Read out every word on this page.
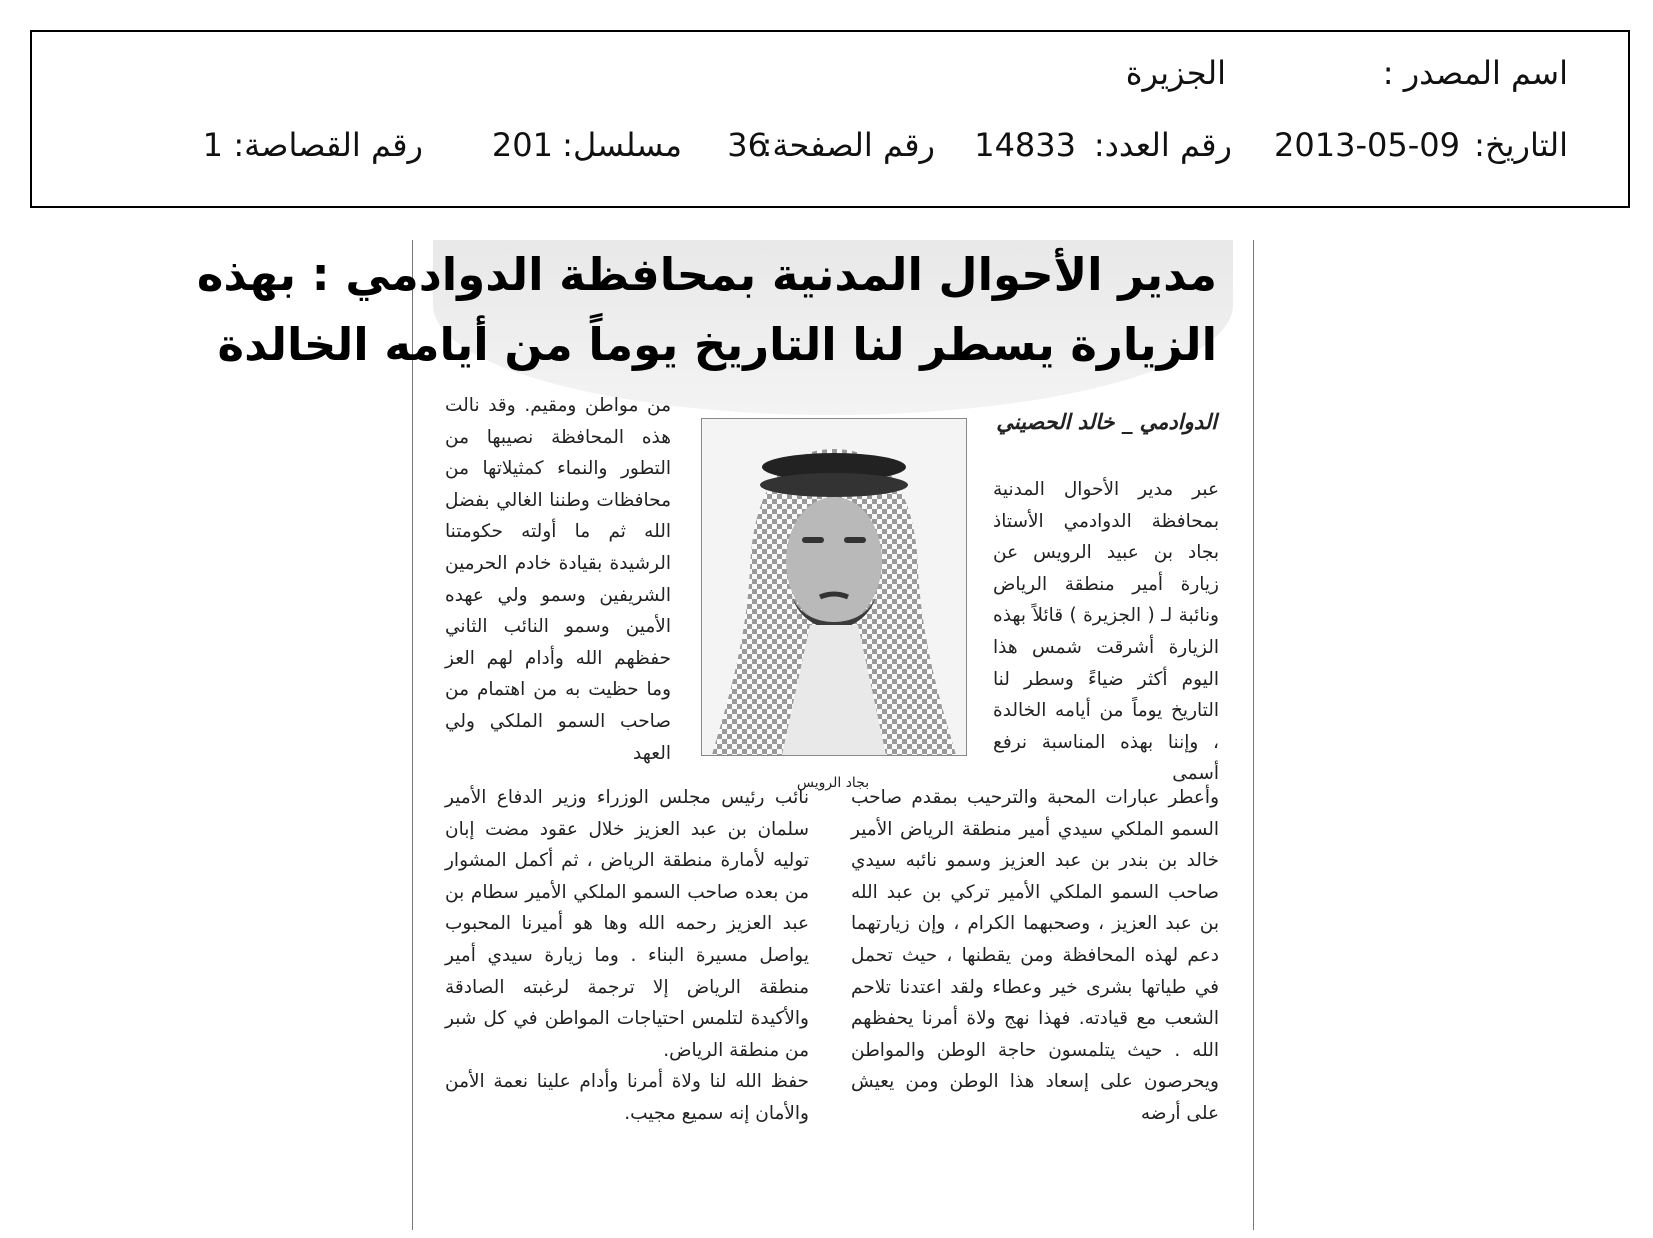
اسم المصدر :
الجزيرة
التاريخ:
2013-05-09
رقم العدد:
14833
رقم الصفحة:
36
مسلسل:
201
رقم القصاصة:
1
مدير الأحوال المدنية بمحافظة الدوادمي : بهذه
الزيارة يسطر لنا التاريخ يوماً من أيامه الخالدة
الدوادمي _ خالد الحصيني

عبر مدير الأحوال المدنية بمحافظة الدوادمي الأستاذ بجاد بن عبيد الرويس عن زيارة أمير منطقة الرياض ونائبة لـ ( الجزيرة ) قائلاً بهذه الزيارة أشرقت شمس هذا اليوم أكثر ضياءً وسطر لنا التاريخ يوماً من أيامه الخالدة ، وإننا بهذه المناسبة نرفع أسمى

بجاد الرويس

من مواطن ومقيم. وقد نالت هذه المحافظة نصيبها من التطور والنماء كمثيلاتها من محافظات وطننا الغالي بفضل الله ثم ما أولته حكومتنا الرشيدة بقيادة خادم الحرمين الشريفين وسمو ولي عهده الأمين وسمو النائب الثاني حفظهم الله وأدام لهم العز وما حظيت به من اهتمام من صاحب السمو الملكي ولي العهد

وأعطر عبارات المحبة والترحيب بمقدم صاحب السمو الملكي سيدي أمير منطقة الرياض الأمير خالد بن بندر بن عبد العزيز وسمو نائبه سيدي صاحب السمو الملكي الأمير تركي بن عبد الله بن عبد العزيز ، وصحبهما الكرام ، وإن زيارتهما دعم لهذه المحافظة ومن يقطنها ، حيث تحمل في طياتها بشرى خير وعطاء ولقد اعتدنا تلاحم الشعب مع قيادته. فهذا نهج ولاة أمرنا يحفظهم الله . حيث يتلمسون حاجة الوطن والمواطن ويحرصون على إسعاد هذا الوطن ومن يعيش على أرضه

نائب رئيس مجلس الوزراء وزير الدفاع الأمير سلمان بن عبد العزيز خلال عقود مضت إبان توليه لأمارة منطقة الرياض ، ثم أكمل المشوار من بعده صاحب السمو الملكي الأمير سطام بن عبد العزيز رحمه الله وها هو أميرنا المحبوب يواصل مسيرة البناء . وما زيارة سيدي أمير منطقة الرياض إلا ترجمة لرغبته الصادقة والأكيدة لتلمس احتياجات المواطن في كل شبر من منطقة الرياض.

حفظ الله لنا ولاة أمرنا وأدام علينا نعمة الأمن والأمان إنه سميع مجيب.
